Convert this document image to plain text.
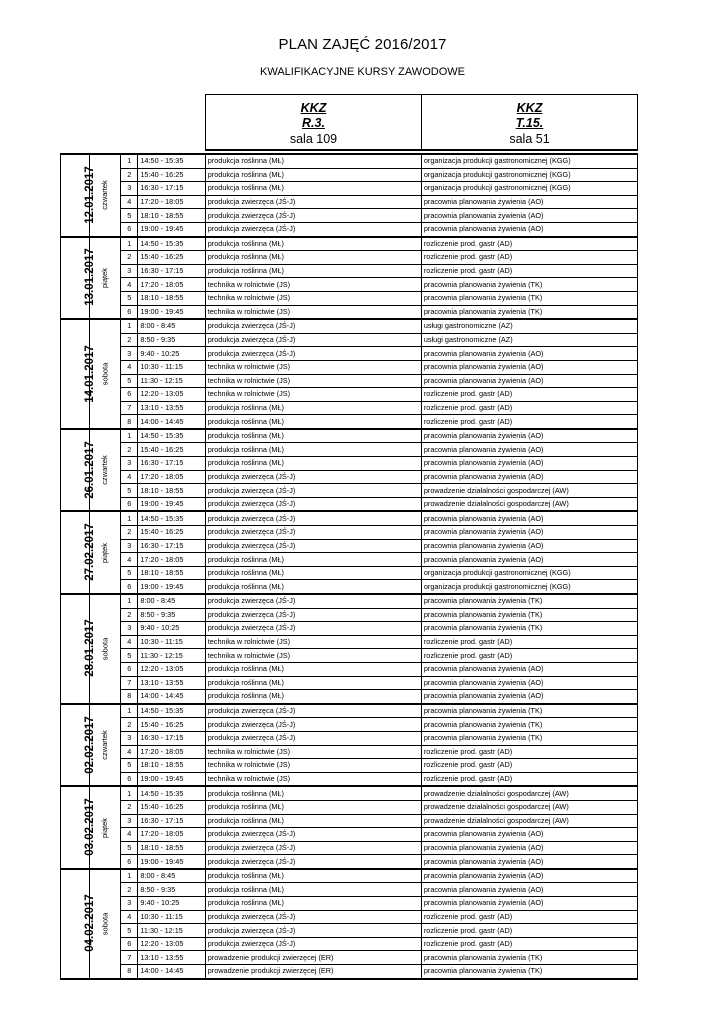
PLAN ZAJĘĆ 2016/2017
KWALIFIKACYJNE KURSY ZAWODOWE
KKZ
R.3.
sala 109
KKZ
T.15.
sala 51
12.01.2017	czwartek	1	14:50 - 15:35	produkcja roślinna (MŁ)	organizacja produkcji gastronomicznej (KGG)
		2	15:40 - 16:25	produkcja roślinna (MŁ)	organizacja produkcji gastronomicznej (KGG)
		3	16:30 - 17:15	produkcja roślinna (MŁ)	organizacja produkcji gastronomicznej (KGG)
		4	17:20 - 18:05	produkcja zwierzęca (JŚ-J)	pracownia planowania żywienia (AO)
		5	18:10 - 18:55	produkcja zwierzęca (JŚ-J)	pracownia planowania żywienia (AO)
		6	19:00 - 19:45	produkcja zwierzęca (JŚ-J)	pracownia planowania żywienia (AO)
13.01.2017	piątek	1	14:50 - 15:35	produkcja roślinna (MŁ)	rozliczenie prod. gastr (AD)
		2	15:40 - 16:25	produkcja roślinna (MŁ)	rozliczenie prod. gastr (AD)
		3	16:30 - 17:15	produkcja roślinna (MŁ)	rozliczenie prod. gastr (AD)
		4	17:20 - 18:05	technika w rolnictwie (JS)	pracownia planowania żywienia (TK)
		5	18:10 - 18:55	technika w rolnictwie (JS)	pracownia planowania żywienia (TK)
		6	19:00 - 19:45	technika w rolnictwie (JS)	pracownia planowania żywienia (TK)
14.01.2017	sobota	1	8:00 - 8:45	produkcja zwierzęca (JŚ-J)	usługi gastronomiczne (AZ)
		2	8:50 - 9:35	produkcja zwierzęca (JŚ-J)	usługi gastronomiczne (AZ)
		3	9:40 - 10:25	produkcja zwierzęca (JŚ-J)	pracownia planowania żywienia (AO)
		4	10:30 - 11:15	technika w rolnictwie (JS)	pracownia planowania żywienia (AO)
		5	11:30 - 12:15	technika w rolnictwie (JS)	pracownia planowania żywienia (AO)
		6	12:20 - 13:05	technika w rolnictwie (JS)	rozliczenie prod. gastr (AD)
		7	13:10 - 13:55	produkcja roślinna (MŁ)	rozliczenie prod. gastr (AD)
		8	14:00 - 14:45	produkcja roślinna (MŁ)	rozliczenie prod. gastr (AD)
26.01.2017	czwartek	1	14:50 - 15:35	produkcja roślinna (MŁ)	pracownia planowania żywienia (AO)
		2	15:40 - 16:25	produkcja roślinna (MŁ)	pracownia planowania żywienia (AO)
		3	16:30 - 17:15	produkcja roślinna (MŁ)	pracownia planowania żywienia (AO)
		4	17:20 - 18:05	produkcja zwierzęca (JŚ-J)	pracownia planowania żywienia (AO)
		5	18:10 - 18:55	produkcja zwierzęca (JŚ-J)	prowadzenie działalności gospodarczej (AW)
		6	19:00 - 19:45	produkcja zwierzęca (JŚ-J)	prowadzenie działalności gospodarczej (AW)
27.02.2017	piątek	1	14:50 - 15:35	produkcja zwierzęca (JŚ-J)	pracownia planowania żywienia (AO)
		2	15:40 - 16:25	produkcja zwierzęca (JŚ-J)	pracownia planowania żywienia (AO)
		3	16:30 - 17:15	produkcja zwierzęca (JŚ-J)	pracownia planowania żywienia (AO)
		4	17:20 - 18:05	produkcja roślinna (MŁ)	pracownia planowania żywienia (AO)
		5	18:10 - 18:55	produkcja roślinna (MŁ)	organizacja produkcji gastronomicznej (KGG)
		6	19:00 - 19:45	produkcja roślinna (MŁ)	organizacja produkcji gastronomicznej (KGG)
28.01.2017	sobota	1	8:00 - 8:45	produkcja zwierzęca (JŚ-J)	pracownia planowania żywienia (TK)
		2	8:50 - 9:35	produkcja zwierzęca (JŚ-J)	pracownia planowania żywienia (TK)
		3	9:40 - 10:25	produkcja zwierzęca (JŚ-J)	pracownia planowania żywienia (TK)
		4	10:30 - 11:15	technika w rolnictwie (JS)	rozliczenie prod. gastr (AD)
		5	11:30 - 12:15	technika w rolnictwie (JS)	rozliczenie prod. gastr (AD)
		6	12:20 - 13:05	produkcja roślinna (MŁ)	pracownia planowania żywienia (AO)
		7	13:10 - 13:55	produkcja roślinna (MŁ)	pracownia planowania żywienia (AO)
		8	14:00 - 14:45	produkcja roślinna (MŁ)	pracownia planowania żywienia (AO)
02.02.2017	czwartek	1	14:50 - 15:35	produkcja zwierzęca (JŚ-J)	pracownia planowania żywienia (TK)
		2	15:40 - 16:25	produkcja zwierzęca (JŚ-J)	pracownia planowania żywienia (TK)
		3	16:30 - 17:15	produkcja zwierzęca (JŚ-J)	pracownia planowania żywienia (TK)
		4	17:20 - 18:05	technika w rolnictwie (JS)	rozliczenie prod. gastr (AD)
		5	18:10 - 18:55	technika w rolnictwie (JS)	rozliczenie prod. gastr (AD)
		6	19:00 - 19:45	technika w rolnictwie (JS)	rozliczenie prod. gastr (AD)
03.02.2017	piątek	1	14:50 - 15:35	produkcja roślinna (MŁ)	prowadzenie działalności gospodarczej (AW)
		2	15:40 - 16:25	produkcja roślinna (MŁ)	prowadzenie działalności gospodarczej (AW)
		3	16:30 - 17:15	produkcja roślinna (MŁ)	prowadzenie działalności gospodarczej (AW)
		4	17:20 - 18:05	produkcja zwierzęca (JŚ-J)	pracownia planowania żywienia (AO)
		5	18:10 - 18:55	produkcja zwierzęca (JŚ-J)	pracownia planowania żywienia (AO)
		6	19:00 - 19:45	produkcja zwierzęca (JŚ-J)	pracownia planowania żywienia (AO)
04.02.2017	sobota	1	8:00 - 8:45	produkcja roślinna (MŁ)	pracownia planowania żywienia (AO)
		2	8:50 - 9:35	produkcja roślinna (MŁ)	pracownia planowania żywienia (AO)
		3	9:40 - 10:25	produkcja roślinna (MŁ)	pracownia planowania żywienia (AO)
		4	10:30 - 11:15	produkcja zwierzęca (JŚ-J)	rozliczenie prod. gastr (AD)
		5	11:30 - 12:15	produkcja zwierzęca (JŚ-J)	rozliczenie prod. gastr (AD)
		6	12:20 - 13:05	produkcja zwierzęca (JŚ-J)	rozliczenie prod. gastr (AD)
		7	13:10 - 13:55	prowadzenie produkcji zwierzęcej (ER)	pracownia planowania żywienia (TK)
		8	14:00 - 14:45	prowadzenie produkcji zwierzęcej (ER)	pracownia planowania żywienia (TK)
